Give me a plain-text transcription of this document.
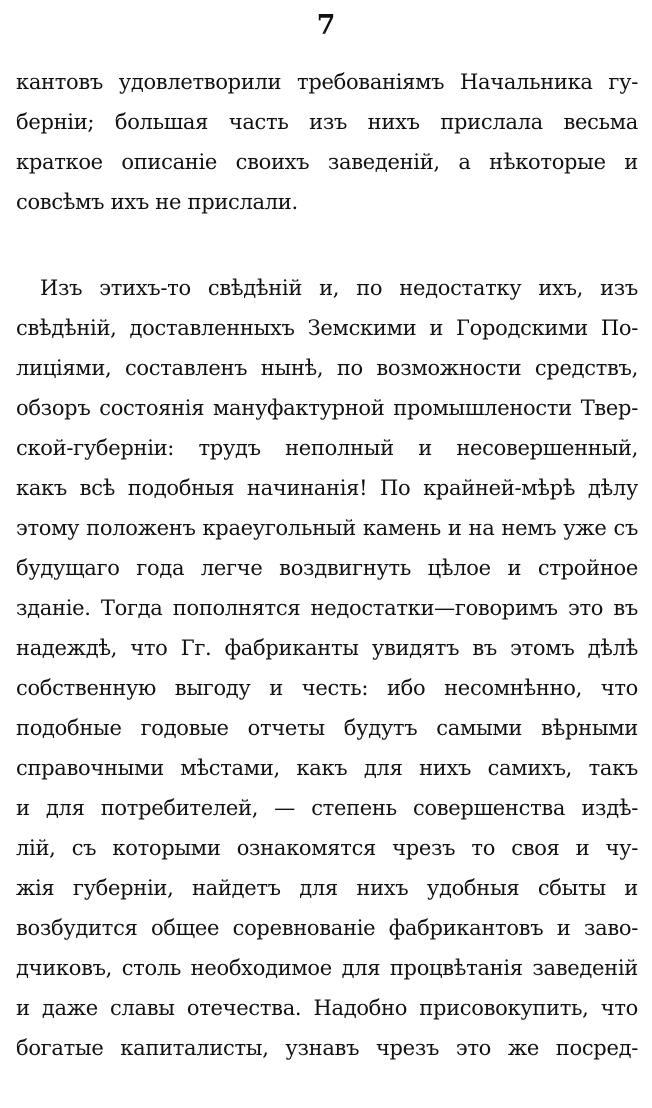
7
кантовъ удовлетворили требованіямъ Начальника гу-
берніи; большая часть изъ нихъ прислала весьма
краткое описаніе своихъ заведеній, а нѣкоторые и
совсѣмъ ихъ не прислали.
Изъ этихъ-то свѣдѣній и, по недостатку ихъ, изъ
свѣдѣній, доставленныхъ Земскими и Городскими По-
лиціями, составленъ нынѣ, по возможности средствъ,
обзоръ состоянія мануфактурной промышлености Твер-
ской-губерніи: трудъ неполный и несовершенный,
какъ всѣ подобныя начинанія! По крайней-мѣрѣ дѣлу
этому положенъ краеугольный камень и на немъ уже съ
будущаго года легче воздвигнуть цѣлое и стройное
зданіе. Тогда пополнятся недостатки—говоримъ это въ
надеждѣ, что Гг. фабриканты увидятъ въ этомъ дѣлѣ
собственную выгоду и честь: ибо несомнѣнно, что
подобные годовые отчеты будутъ самыми вѣрными
справочными мѣстами, какъ для нихъ самихъ, такъ
и для потребителей, — степень совершенства издѣ-
лій, съ которыми ознакомятся чрезъ то своя и чу-
жія губерніи, найдетъ для нихъ удобныя сбыты и
возбудится общее соревнованіе фабрикантовъ и заво-
дчиковъ, столь необходимое для процвѣтанія заведеній
и даже славы отечества. Надобно присовокупить, что
богатые капиталисты, узнавъ чрезъ это же посред-
